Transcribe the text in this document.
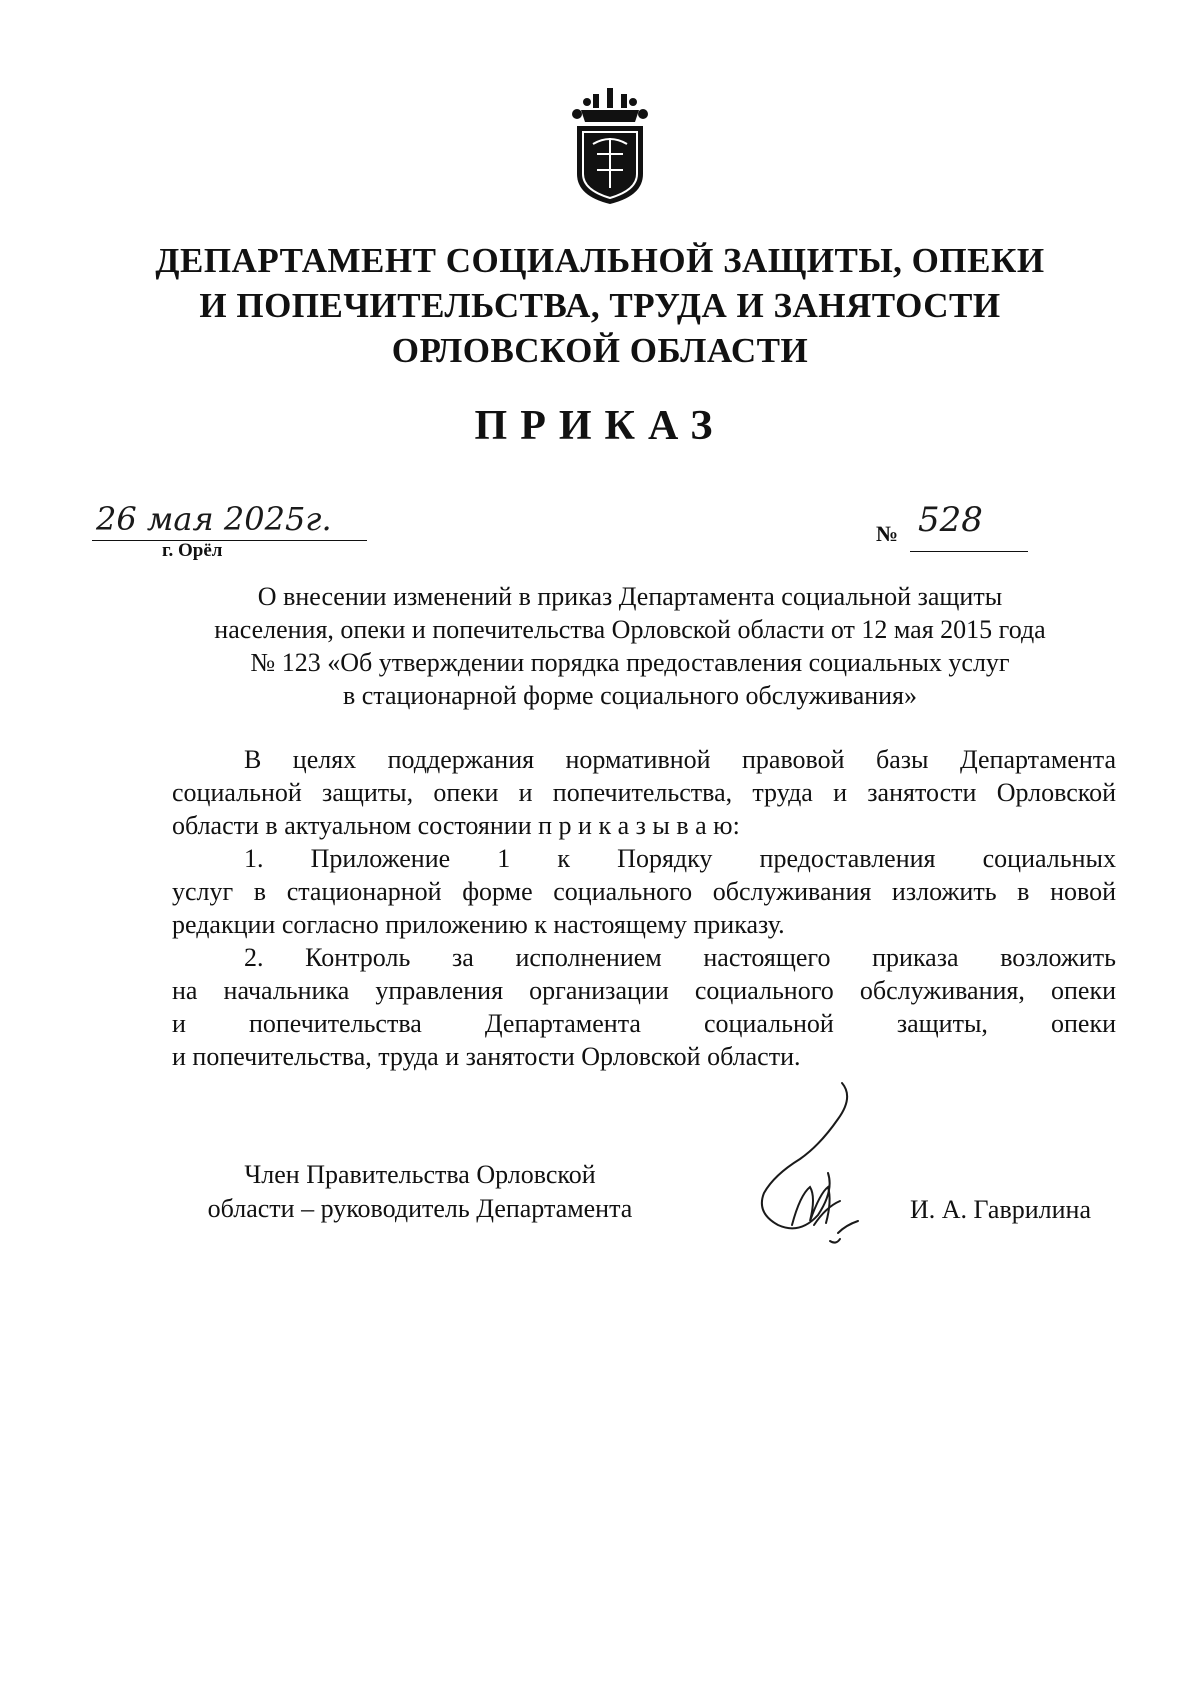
ДЕПАРТАМЕНТ СОЦИАЛЬНОЙ ЗАЩИТЫ, ОПЕКИ
И ПОПЕЧИТЕЛЬСТВА, ТРУДА И ЗАНЯТОСТИ
ОРЛОВСКОЙ ОБЛАСТИ
ПРИКАЗ
26 мая 2025г.
г. Орёл
№ 528
О внесении изменений в приказ Департамента социальной защиты
населения, опеки и попечительства Орловской области от 12 мая 2015 года
№ 123 «Об утверждении порядка предоставления социальных услуг
в стационарной форме социального обслуживания»
В целях поддержания нормативной правовой базы Департамента
социальной защиты, опеки и попечительства, труда и занятости Орловской
области в актуальном состоянии п р и к а з ы в а ю:
1. Приложение 1 к Порядку предоставления социальных
услуг в стационарной форме социального обслуживания изложить в новой
редакции согласно приложению к настоящему приказу.
2. Контроль за исполнением настоящего приказа возложить
на начальника управления организации социального обслуживания, опеки
и попечительства Департамента социальной защиты, опеки
и попечительства, труда и занятости Орловской области.
Член Правительства Орловской
области – руководитель Департамента	И. А. Гаврилина
